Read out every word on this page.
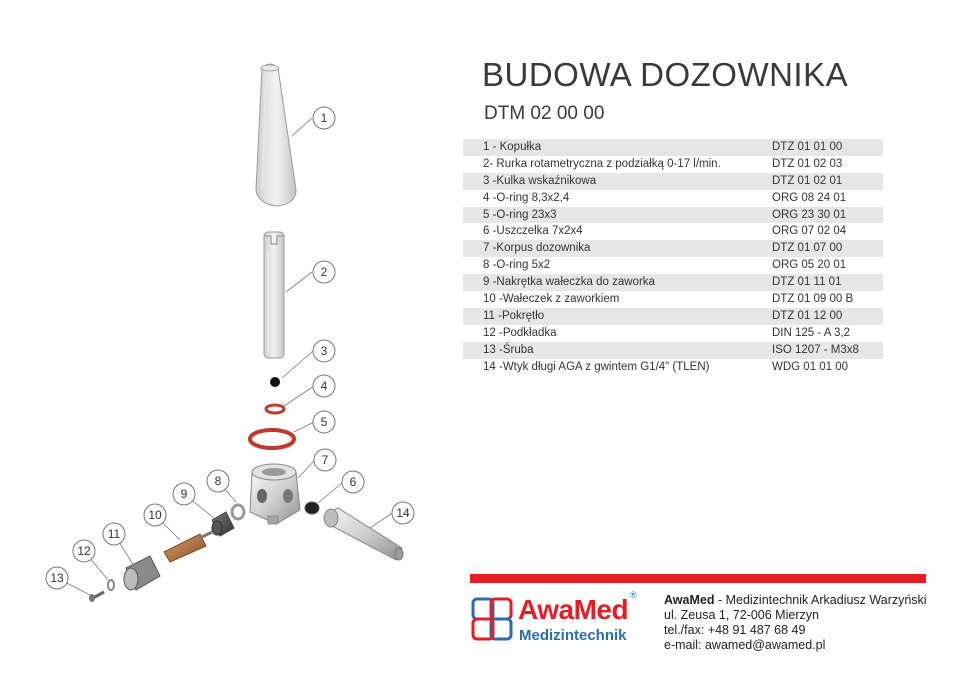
1
2
3
4
5
7
6
8
9
10
11
12
13
14
BUDOWA DOZOWNIKA
DTM 02 00 00
1 - Kopułka	DTZ 01 01 00
2- Rurka rotametryczna z podziałką 0-17 l/min.	DTZ 01 02 03
3 -Kulka wskaźnikowa	DTZ 01 02 01
4 -O-ring 8,3x2,4	ORG 08 24 01
5 -O-ring 23x3	ORG 23 30 01
6 -Uszczelka 7x2x4	ORG 07 02 04
7 -Korpus dozownika	DTZ 01 07 00
8 -O-ring 5x2	ORG 05 20 01
9 -Nakrętka wałeczka do zaworka	DTZ 01 11 01
10 -Wałeczek z zaworkiem	DTZ 01 09 00 B
11 -Pokrętło	DTZ 01 12 00
12 -Podkładka	DIN 125 - A 3,2
13 -Śruba	ISO 1207 - M3x8
14 -Wtyk długi AGA z gwintem G1/4" (TLEN)	WDG 01 01 00
AwaMed ®
Medizintechnik
AwaMed - Medizintechnik Arkadiusz Warzyński
ul. Zeusa 1, 72-006 Mierzyn
tel./fax: +48 91 487 68 49
e-mail: awamed@awamed.pl
